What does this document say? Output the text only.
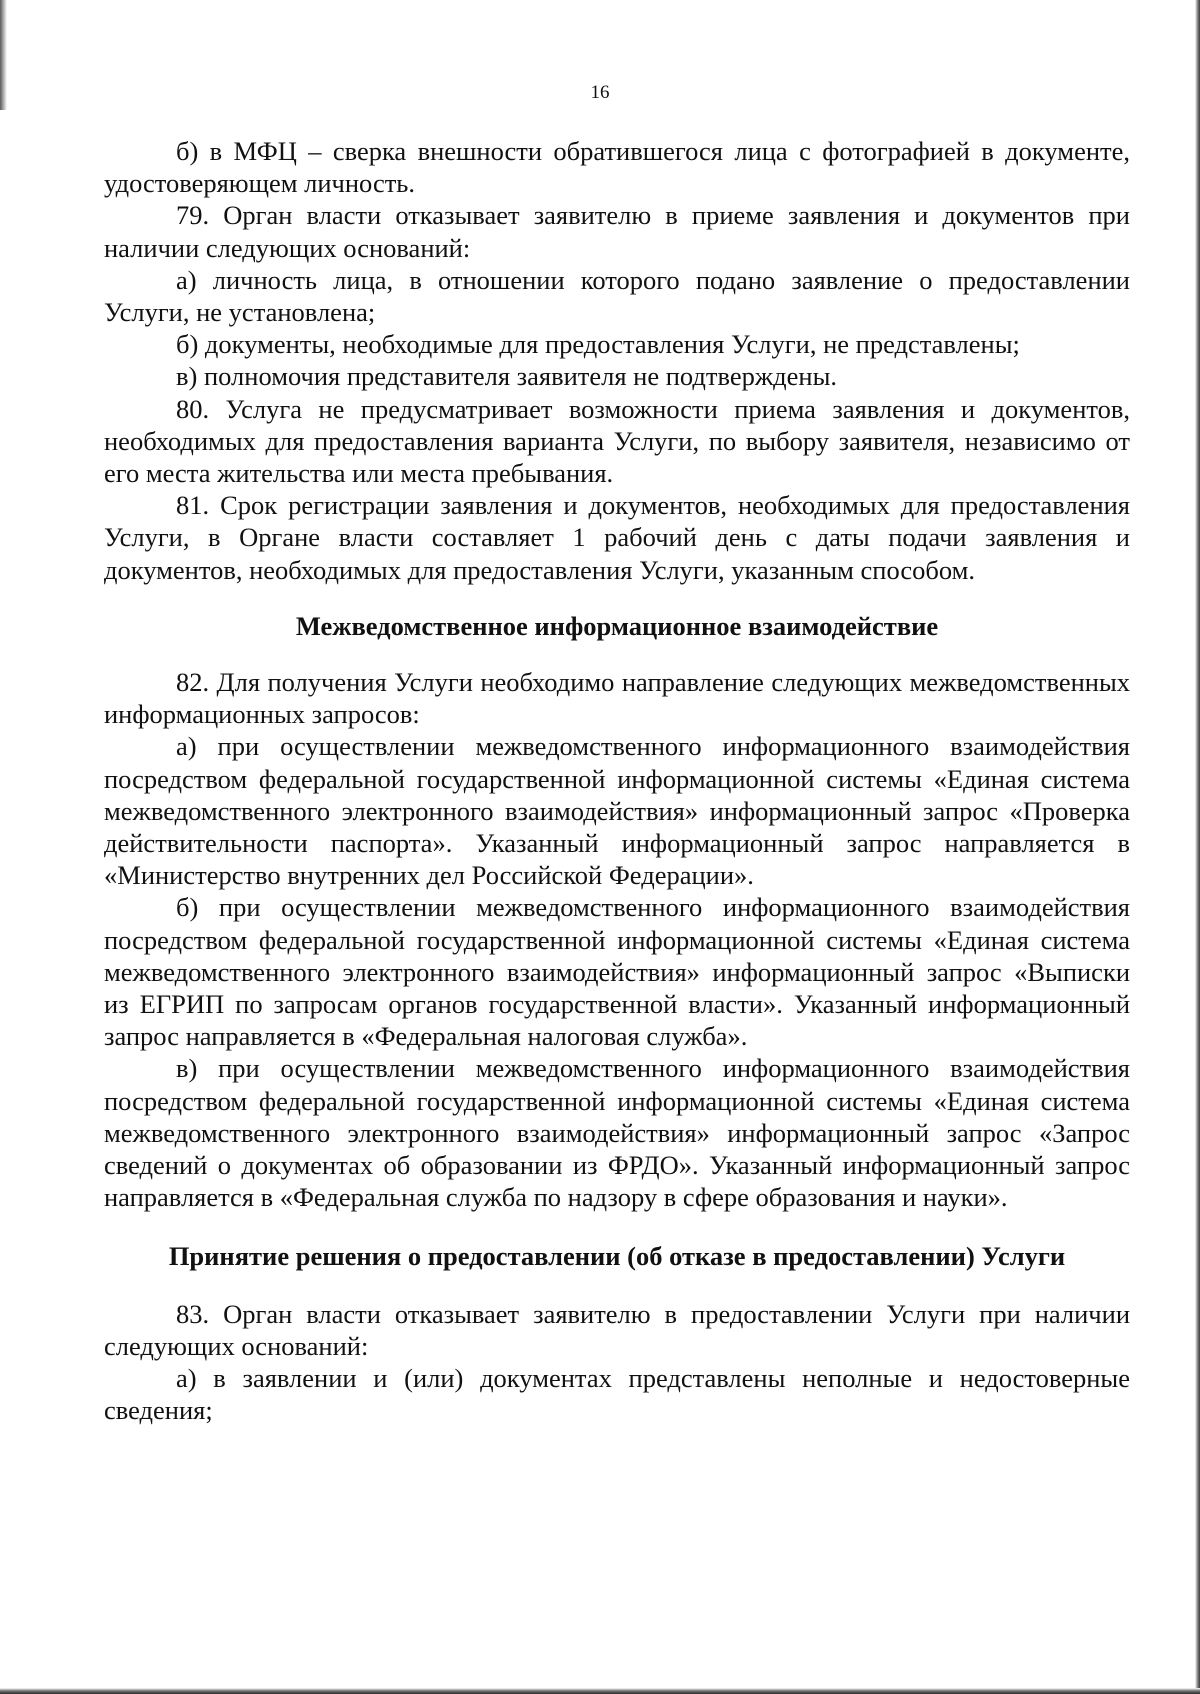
16

б) в МФЦ – сверка внешности обратившегося лица с фотографией в документе, удостоверяющем личность.

79. Орган власти отказывает заявителю в приеме заявления и документов при наличии следующих оснований:

а) личность лица, в отношении которого подано заявление о предоставлении Услуги, не установлена;

б) документы, необходимые для предоставления Услуги, не представлены;

в) полномочия представителя заявителя не подтверждены.

80. Услуга не предусматривает возможности приема заявления и документов, необходимых для предоставления варианта Услуги, по выбору заявителя, независимо от его места жительства или места пребывания.

81. Срок регистрации заявления и документов, необходимых для предоставления Услуги, в Органе власти составляет 1 рабочий день с даты подачи заявления и документов, необходимых для предоставления Услуги, указанным способом.

Межведомственное информационное взаимодействие

82. Для получения Услуги необходимо направление следующих межведомственных информационных запросов:

а) при осуществлении межведомственного информационного взаимодействия посредством федеральной государственной информационной системы «Единая система межведомственного электронного взаимодействия» информационный запрос «Проверка действительности паспорта». Указанный информационный запрос направляется в «Министерство внутренних дел Российской Федерации».

б) при осуществлении межведомственного информационного взаимодействия посредством федеральной государственной информационной системы «Единая система межведомственного электронного взаимодействия» информационный запрос «Выписки из ЕГРИП по запросам органов государственной власти». Указанный информационный запрос направляется в «Федеральная налоговая служба».

в) при осуществлении межведомственного информационного взаимодействия посредством федеральной государственной информационной системы «Единая система межведомственного электронного взаимодействия» информационный запрос «Запрос сведений о документах об образовании из ФРДО». Указанный информационный запрос направляется в «Федеральная служба по надзору в сфере образования и науки».

Принятие решения о предоставлении (об отказе в предоставлении) Услуги

83. Орган власти отказывает заявителю в предоставлении Услуги при наличии следующих оснований:

а) в заявлении и (или) документах представлены неполные и недостоверные сведения;
